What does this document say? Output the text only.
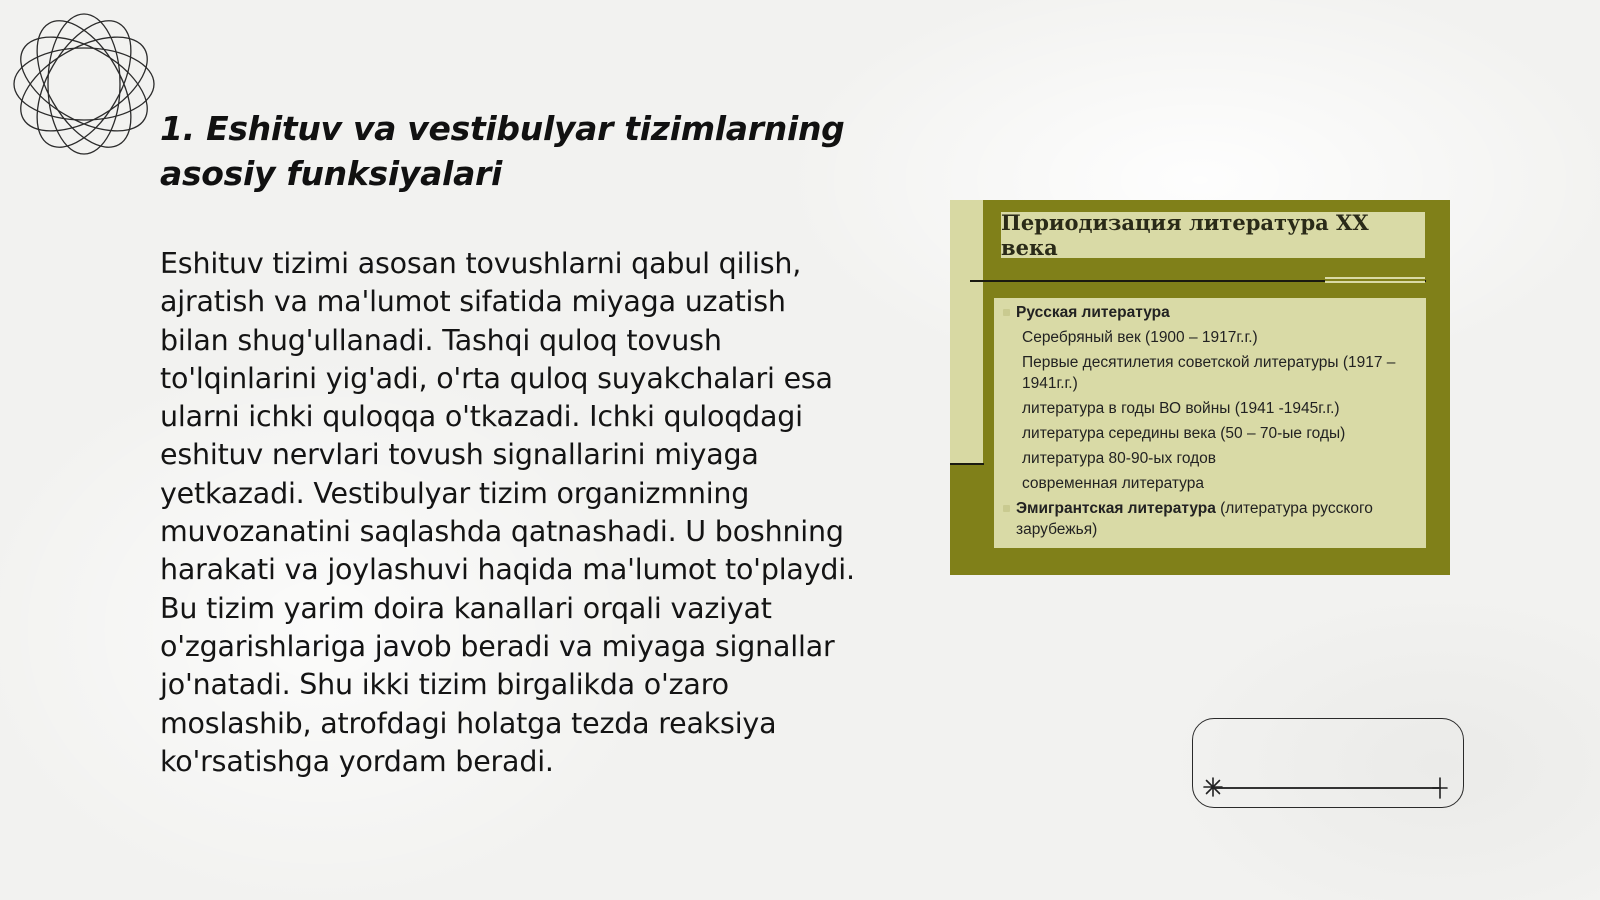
1. Eshituv va vestibulyar tizimlarning asosiy funksiyalari

Eshituv tizimi asosan tovushlarni qabul qilish, ajratish va ma'lumot sifatida miyaga uzatish bilan shug'ullanadi. Tashqi quloq tovush to'lqinlarini yig'adi, o'rta quloq suyakchalari esa ularni ichki quloqqa o'tkazadi. Ichki quloqdagi eshituv nervlari tovush signallarini miyaga yetkazadi. Vestibulyar tizim organizmning muvozanatini saqlashda qatnashadi. U boshning harakati va joylashuvi haqida ma'lumot to'playdi. Bu tizim yarim doira kanallari orqali vaziyat o'zgarishlariga javob beradi va miyaga signallar jo'natadi. Shu ikki tizim birgalikda o'zaro moslashib, atrofdagi holatga tezda reaksiya ko'rsatishga yordam beradi.

Периодизация литература XX века
Русская литература
Серебряный век (1900 – 1917г.г.)
Первые десятилетия советской литературы (1917 – 1941г.г.)
литература в годы ВО войны (1941 -1945г.г.)
литература середины века (50 – 70-ые годы)
литература 80-90-ых годов
современная литература
Эмигрантская литература (литература русского зарубежья)
